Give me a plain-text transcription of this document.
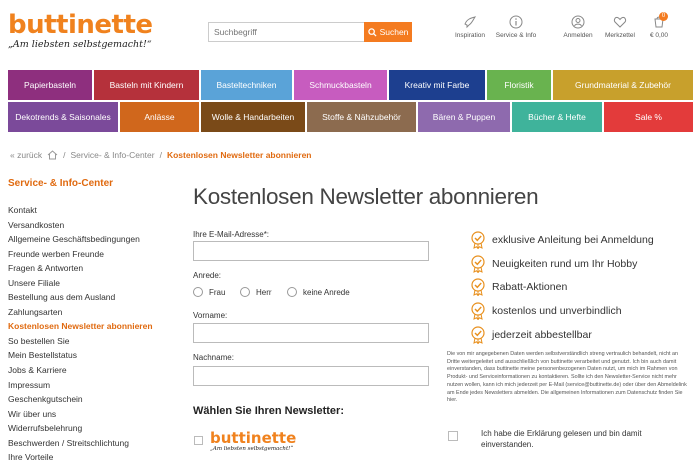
buttinette
„Am liebsten selbstgemacht!“
Suchbegriff
Suchen	Inspiration	Service & Info	Anmelden	Merkzettel
0
€ 0,00
Papierbasteln	Basteln mit Kindern	Basteltechniken	Schmuckbasteln	Kreativ mit Farbe	Floristik	Grundmaterial & Zubehör
Dekotrends & Saisonales	Anlässe	Wolle & Handarbeiten	Stoffe & Nähzubehör	Bären & Puppen	Bücher & Hefte	Sale %
« zurück / Service- & Info-Center / Kostenlosen Newsletter abonnieren
Service- & Info-Center
Kontakt
Versandkosten
Allgemeine Geschäftsbedingungen
Freunde werben Freunde
Fragen & Antworten
Unsere Filiale
Bestellung aus dem Ausland
Zahlungsarten
Kostenlosen Newsletter abonnieren
So bestellen Sie
Mein Bestellstatus
Jobs & Karriere
Impressum
Geschenkgutschein
Wir über uns
Widerrufsbelehrung
Beschwerden / Streitschlichtung
Ihre Vorteile
Kostenlosen Newsletter abonnieren
Ihre E-Mail-Adresse*:
Anrede:
Frau	Herr	keine Anrede
Vorname:
Nachname:
Wählen Sie Ihren Newsletter:
buttinette
„Am liebsten selbstgemacht!“
exklusive Anleitung bei Anmeldung
Neuigkeiten rund um Ihr Hobby
Rabatt-Aktionen
kostenlos und unverbindlich
jederzeit abbestellbar
Die von mir angegebenen Daten werden selbstverständlich streng vertraulich behandelt, nicht an Dritte weitergeleitet und ausschließlich von buttinette verarbeitet und genutzt. Ich bin auch damit einverstanden, dass buttinette meine personenbezogenen Daten nutzt, um mich im Rahmen von Produkt- und Serviceinformationen zu kontaktieren. Sollte ich den Newsletter-Service nicht mehr nutzen wollen, kann ich mich jederzeit per E-Mail (service@buttinette.de) oder über den Abmeldelink am Ende jedes Newsletters abmelden. Die allgemeinen Informationen zum Datenschutz finden Sie hier.
Ich habe die Erklärung gelesen und bin damit einverstanden.
